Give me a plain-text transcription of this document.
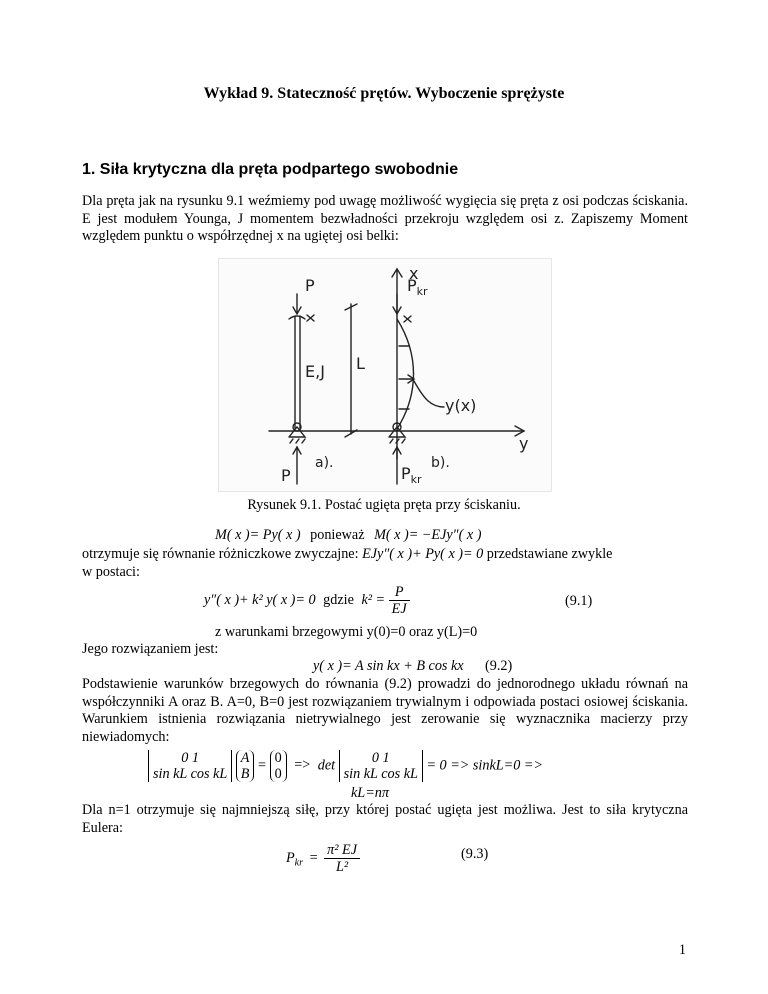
Wykład 9. Stateczność prętów. Wyboczenie sprężyste
1. Siła krytyczna dla pręta podpartego swobodnie
Dla pręta jak na rysunku 9.1 weźmiemy pod uwagę możliwość wygięcia się pręta z osi podczas ściskania. E jest modułem Younga, J momentem bezwładności przekroju względem osi z. Zapiszemy Moment względem punktu o współrzędnej x na ugiętej osi belki:
P	$P_{kr}$
x
y
E,J L
y(x)
P
a).	b).
$P_{kr}$
Rysunek 9.1. Postać ugięta pręta przy ściskaniu.
M( x )= Py( x ) ponieważ M( x )= −EJy″( x )
otrzymuje się równanie różniczkowe zwyczajne: EJy″( x )+ Py( x )= 0 przedstawiane zwykle
w postaci:
y″( x )+ k² y( x )= 0 gdzie $k^2 = \frac{P}{EJ}$	(9.1)
z warunkami brzegowymi y(0)=0 oraz y(L)=0
Jego rozwiązaniem jest:
y( x )= A sin kx + B cos kx (9.2)
Podstawienie warunków brzegowych do równania (9.2) prowadzi do jednorodnego układu równań na współczynniki A oraz B. A=0, B=0 jest rozwiązaniem trywialnym i odpowiada postaci osiowej ściskania. Warunkiem istnienia rozwiązania nietrywialnego jest zerowanie się wyznacznika macierzy przy niewiadomych:
0 1
sin kL cos kL

A
B
= 0
0
=> det	0 1
sin kL cos kL
= 0 => sinkL=0 =>
kL=nπ
Dla n=1 otrzymuje się najmniejszą siłę, przy której postać ugięta jest możliwa. Jest to siła krytyczna Eulera:
$P_{kr} = \frac{\text{π² EJ}}{\text{L²}}$	(9.3)
1
